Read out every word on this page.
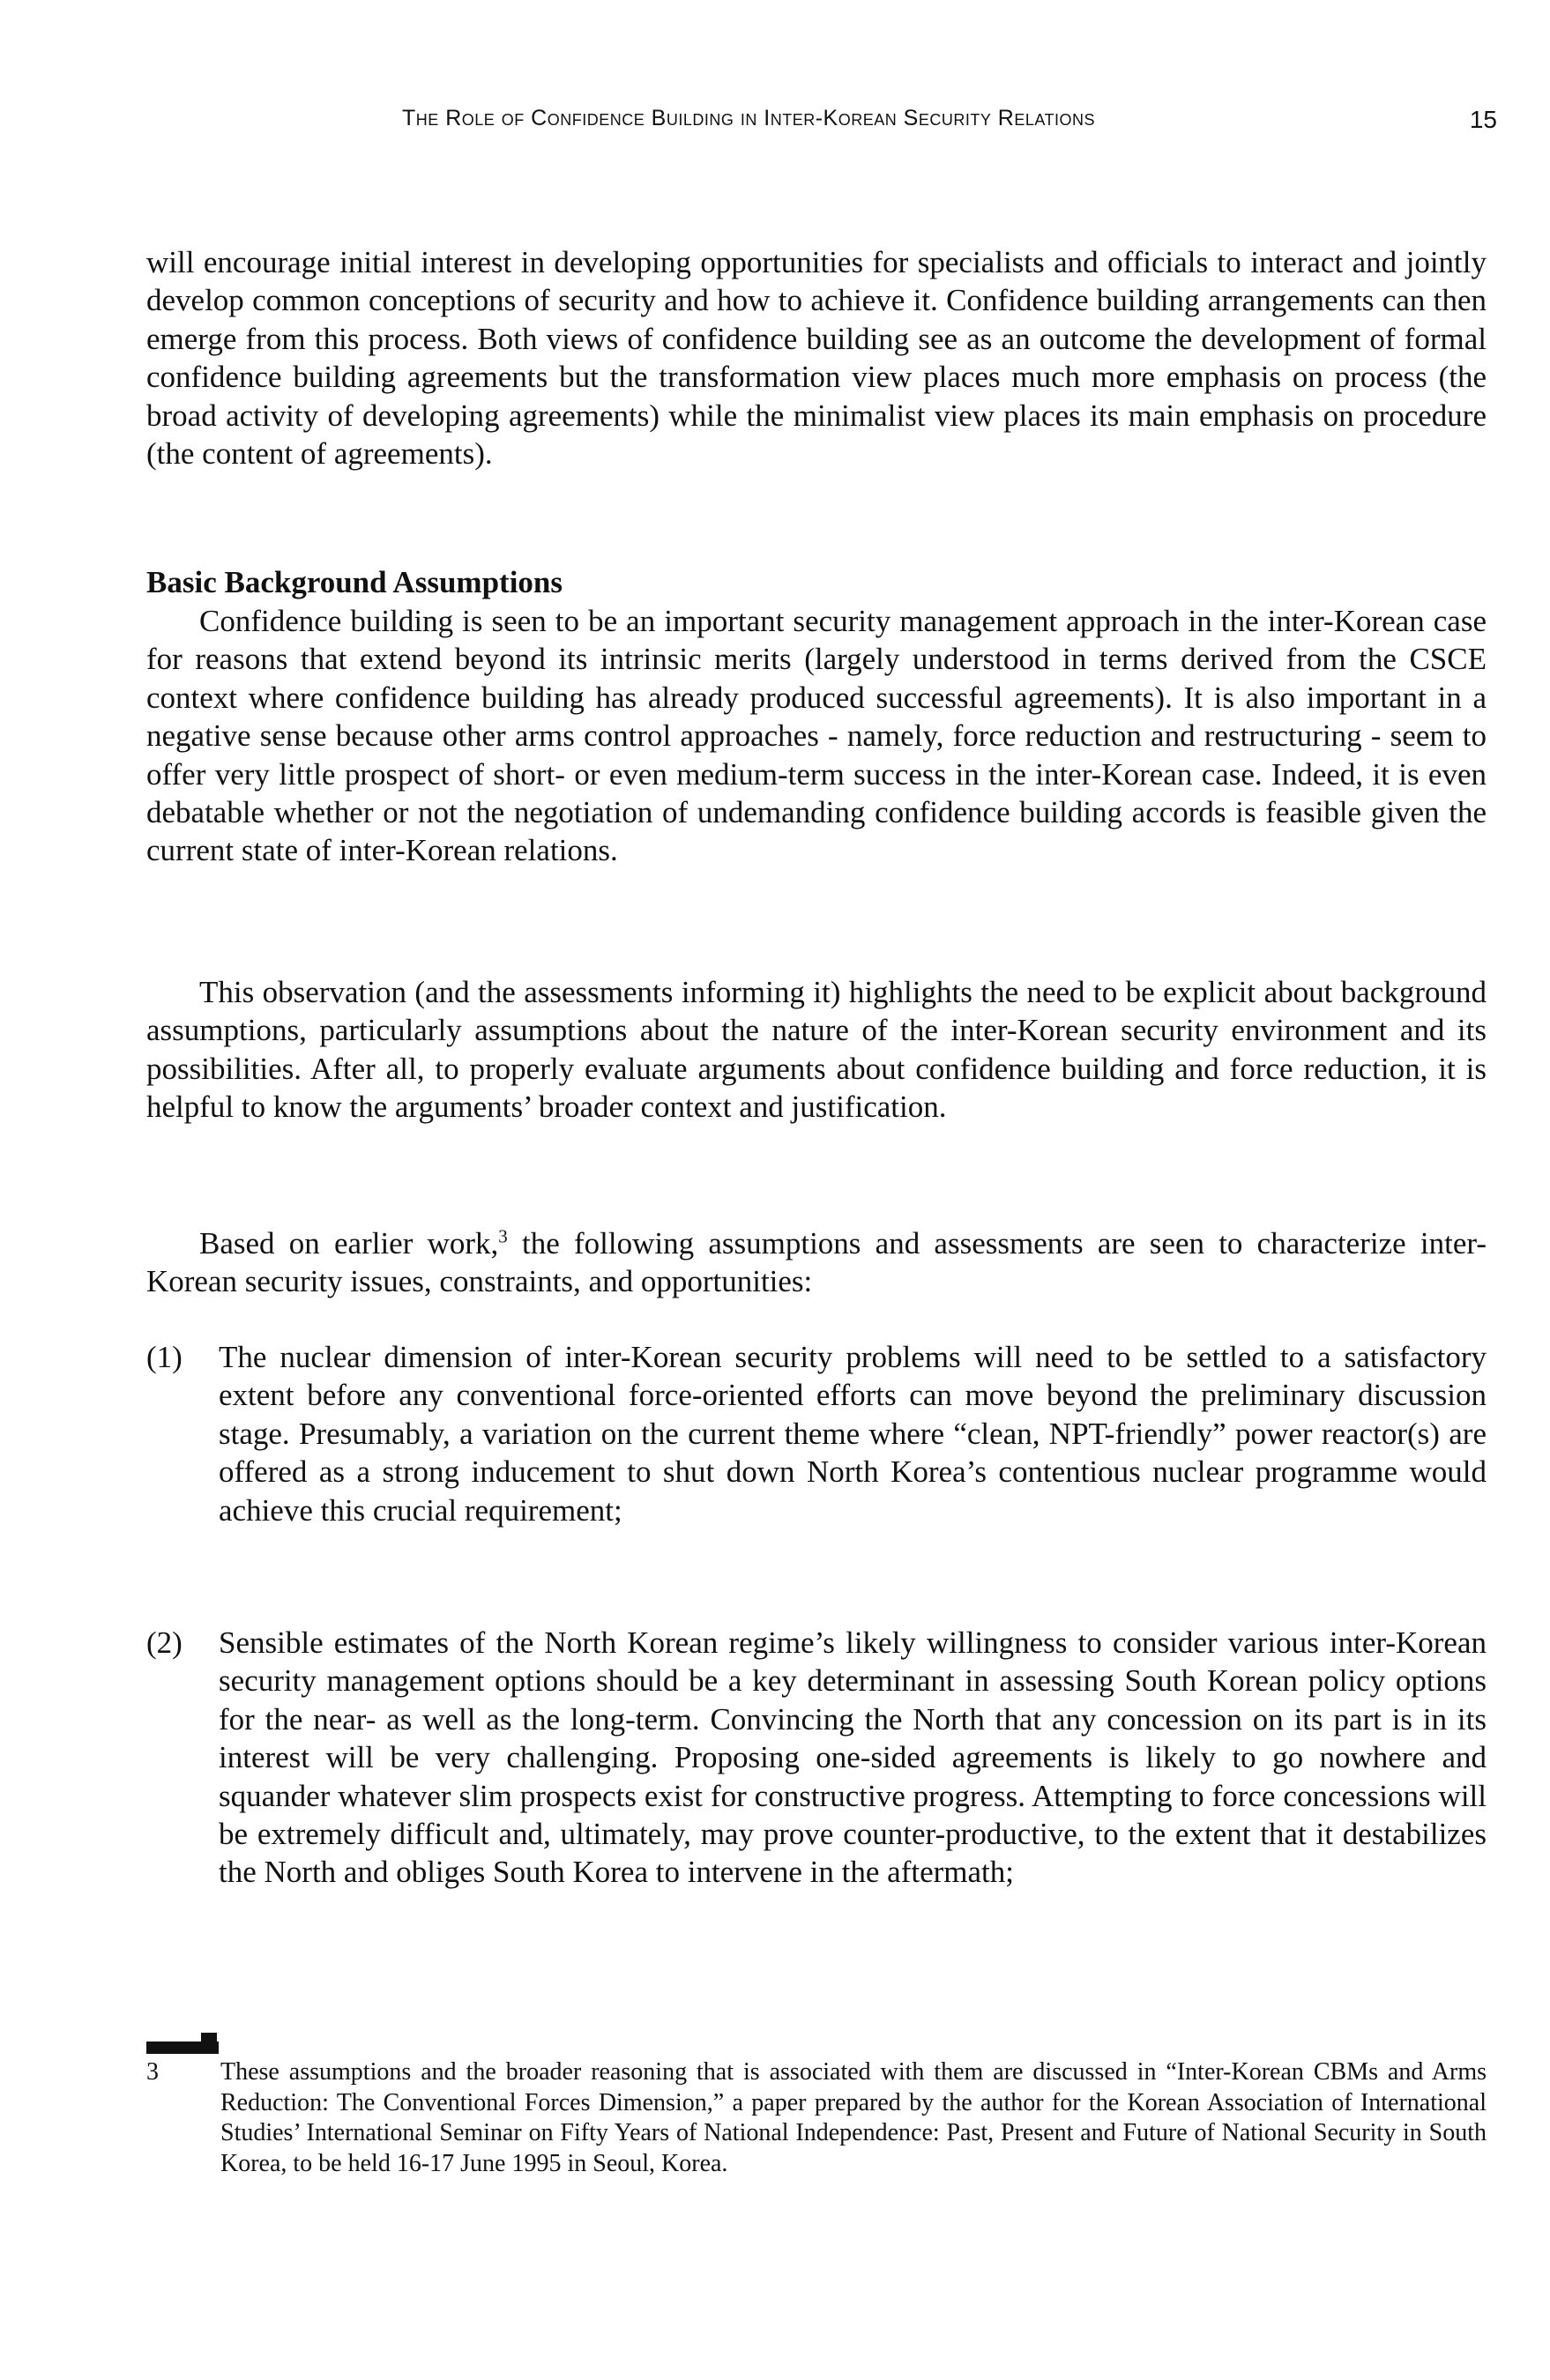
The Role of Confidence Building in Inter-Korean Security Relations	15

will encourage initial interest in developing opportunities for specialists and officials to interact and jointly develop common conceptions of security and how to achieve it. Confidence building arrangements can then emerge from this process. Both views of confidence building see as an outcome the development of formal confidence building agreements but the transformation view places much more emphasis on process (the broad activity of developing agreements) while the minimalist view places its main emphasis on procedure (the content of agreements).

Basic Background Assumptions

Confidence building is seen to be an important security management approach in the inter-Korean case for reasons that extend beyond its intrinsic merits (largely understood in terms derived from the CSCE context where confidence building has already produced successful agreements). It is also important in a negative sense because other arms control approaches - namely, force reduction and restructuring - seem to offer very little prospect of short- or even medium-term success in the inter-Korean case. Indeed, it is even debatable whether or not the negotiation of undemanding confidence building accords is feasible given the current state of inter-Korean relations.

This observation (and the assessments informing it) highlights the need to be explicit about background assumptions, particularly assumptions about the nature of the inter-Korean security environment and its possibilities. After all, to properly evaluate arguments about confidence building and force reduction, it is helpful to know the arguments’ broader context and justification.

Based on earlier work,$^3$ the following assumptions and assessments are seen to characterize inter-Korean security issues, constraints, and opportunities:

(1) The nuclear dimension of inter-Korean security problems will need to be settled to a satisfactory extent before any conventional force-oriented efforts can move beyond the preliminary discussion stage. Presumably, a variation on the current theme where “clean, NPT-friendly” power reactor(s) are offered as a strong inducement to shut down North Korea’s contentious nuclear programme would achieve this crucial requirement;
(2) Sensible estimates of the North Korean regime’s likely willingness to consider various inter-Korean security management options should be a key determinant in assessing South Korean policy options for the near- as well as the long-term. Convincing the North that any concession on its part is in its interest will be very challenging. Proposing one-sided agreements is likely to go nowhere and squander whatever slim prospects exist for constructive progress. Attempting to force concessions will be extremely difficult and, ultimately, may prove counter-productive, to the extent that it destabilizes the North and obliges South Korea to intervene in the aftermath;
3	These assumptions and the broader reasoning that is associated with them are discussed in “Inter-Korean CBMs and Arms Reduction: The Conventional Forces Dimension,” a paper prepared by the author for the Korean Association of International Studies’ International Seminar on Fifty Years of National Independence: Past, Present and Future of National Security in South Korea, to be held 16-17 June 1995 in Seoul, Korea.
